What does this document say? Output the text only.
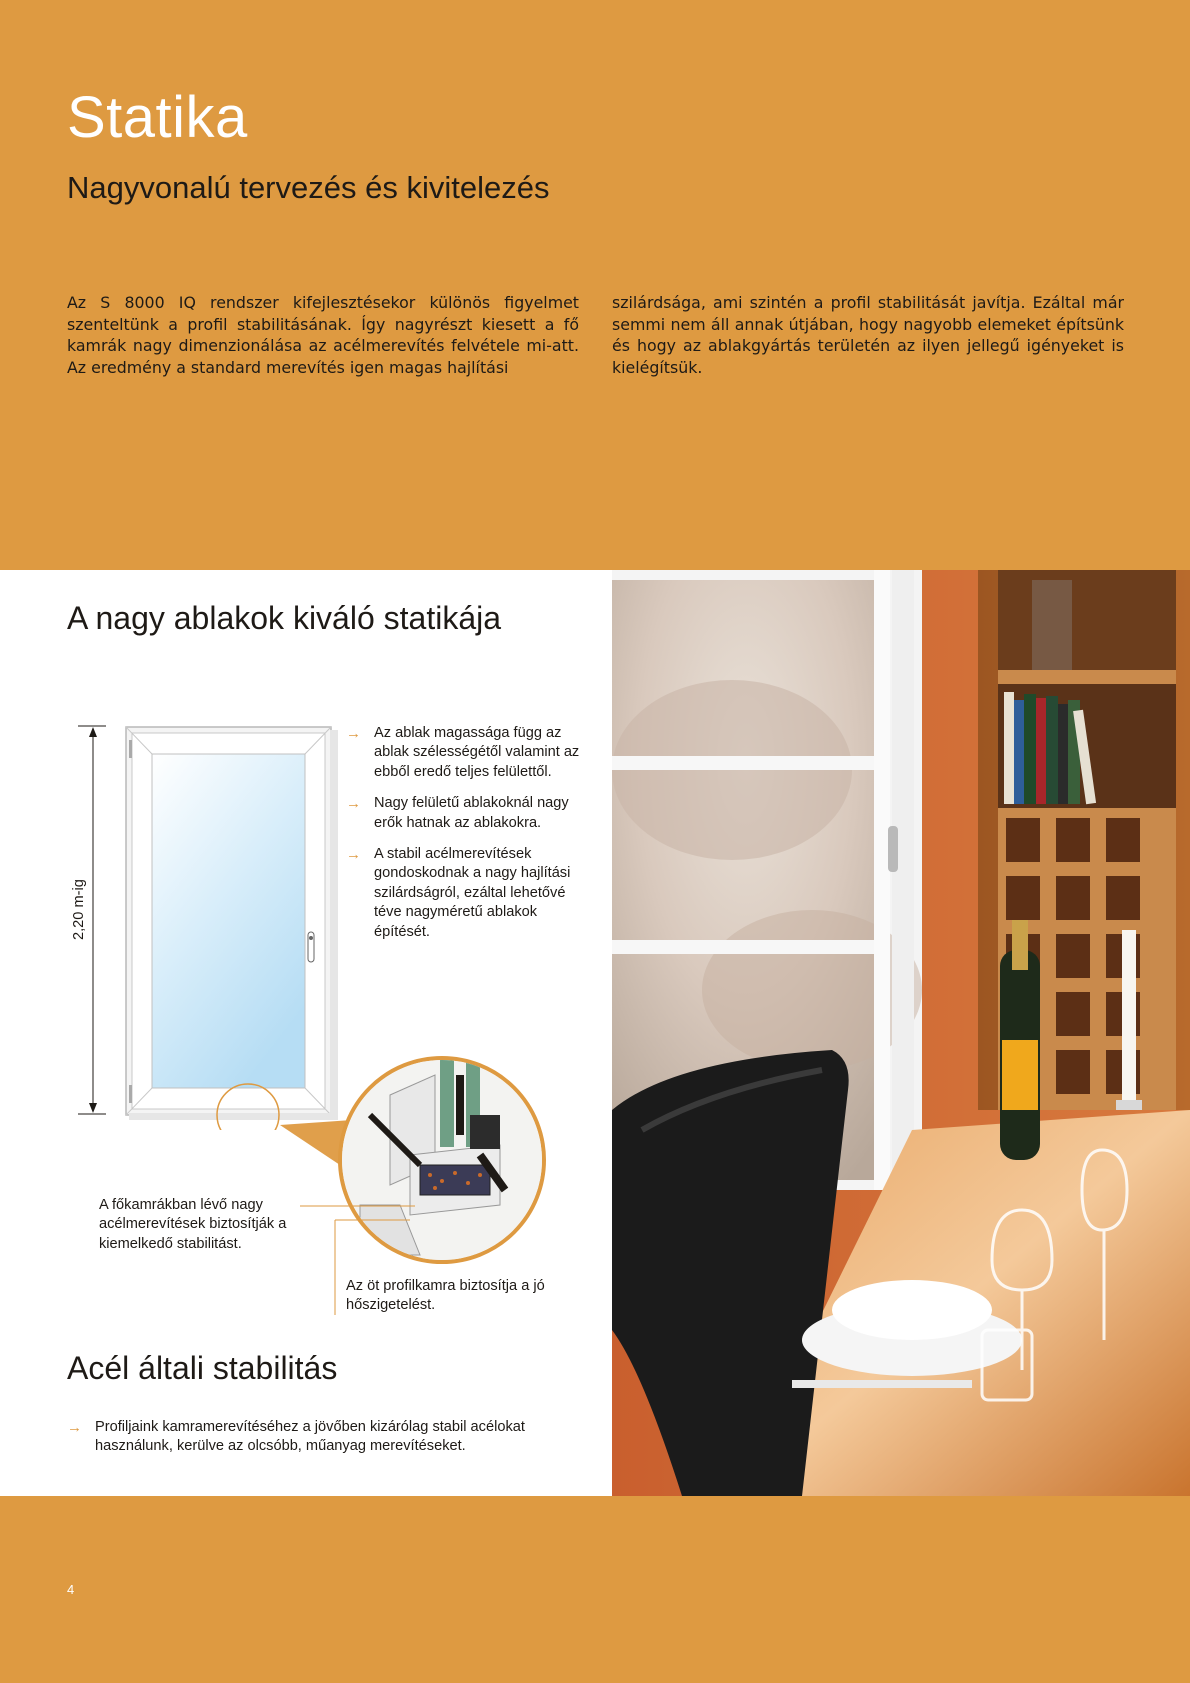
Statika
Nagyvonalú tervezés és kivitelezés

Az S 8000 IQ rendszer kifejlesztésekor különös figyelmet szenteltünk a profil stabilitásának. Így nagyrészt kiesett a fő kamrák nagy dimenzionálása az acélmerevítés felvétele mi-att. Az eredmény a standard merevítés igen magas hajlítási

szilárdsága, ami szintén a profil stabilitását javítja. Ezáltal már semmi nem áll annak útjában, hogy nagyobb elemeket építsünk és hogy az ablakgyártás területén az ilyen jellegű igényeket is kielégítsük.

A nagy ablakok kiváló statikája
2,20 m-ig
→ Az ablak magassága függ az ablak szélességétől valamint az ebből eredő teljes felülettől.
→ Nagy felületű ablakoknál nagy erők hatnak az ablakokra.
→ A stabil acélmerevítések gondoskodnak a nagy hajlítási szilárdságról, ezáltal lehetővé téve nagyméretű ablakok építését.
A főkamrákban lévő nagy acélmerevítések biztosítják a kiemelkedő stabilitást.
Az öt profilkamra biztosítja a jó hőszigetelést.
Acél általi stabilitás
→ Profiljaink kamramerevítéséhez a jövőben kizárólag stabil acélokat használunk, kerülve az olcsóbb, műanyag merevítéseket.
4
